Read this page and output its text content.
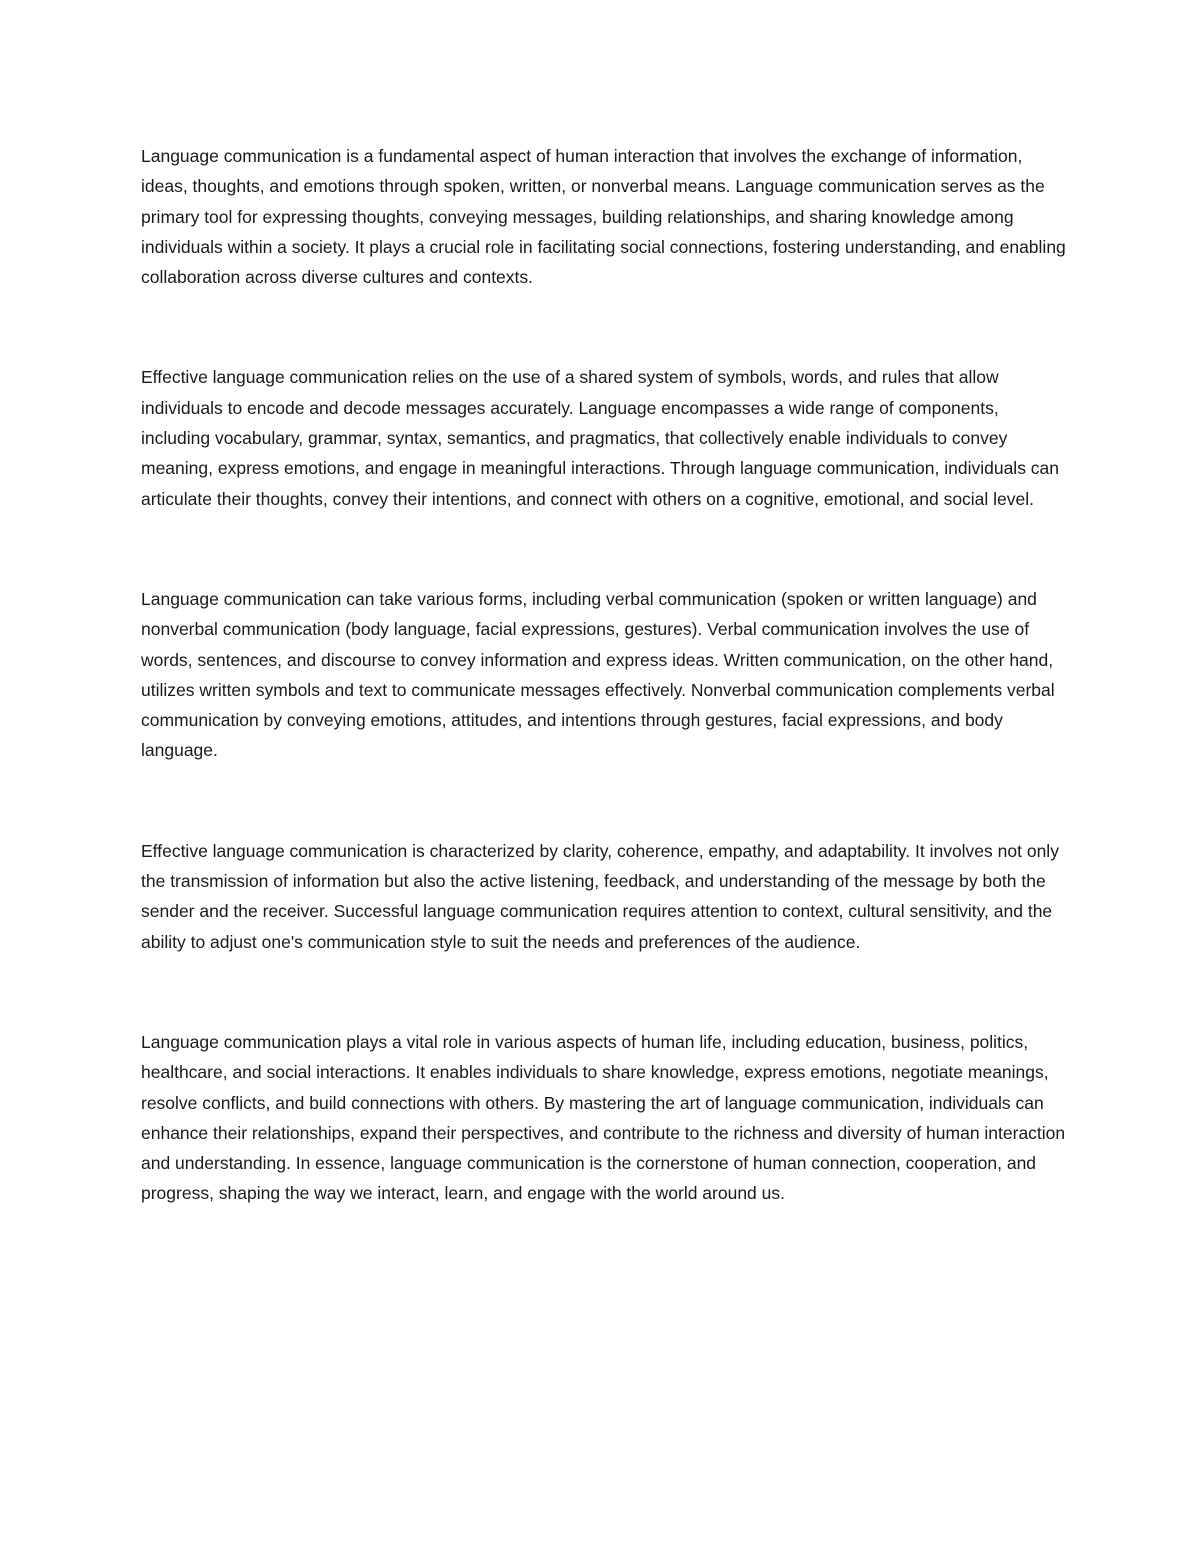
Language communication is a fundamental aspect of human interaction that involves the exchange of information, ideas, thoughts, and emotions through spoken, written, or nonverbal means. Language communication serves as the primary tool for expressing thoughts, conveying messages, building relationships, and sharing knowledge among individuals within a society. It plays a crucial role in facilitating social connections, fostering understanding, and enabling collaboration across diverse cultures and contexts.

Effective language communication relies on the use of a shared system of symbols, words, and rules that allow individuals to encode and decode messages accurately. Language encompasses a wide range of components, including vocabulary, grammar, syntax, semantics, and pragmatics, that collectively enable individuals to convey meaning, express emotions, and engage in meaningful interactions. Through language communication, individuals can articulate their thoughts, convey their intentions, and connect with others on a cognitive, emotional, and social level.

Language communication can take various forms, including verbal communication (spoken or written language) and nonverbal communication (body language, facial expressions, gestures). Verbal communication involves the use of words, sentences, and discourse to convey information and express ideas. Written communication, on the other hand, utilizes written symbols and text to communicate messages effectively. Nonverbal communication complements verbal communication by conveying emotions, attitudes, and intentions through gestures, facial expressions, and body language.

Effective language communication is characterized by clarity, coherence, empathy, and adaptability. It involves not only the transmission of information but also the active listening, feedback, and understanding of the message by both the sender and the receiver. Successful language communication requires attention to context, cultural sensitivity, and the ability to adjust one's communication style to suit the needs and preferences of the audience.

Language communication plays a vital role in various aspects of human life, including education, business, politics, healthcare, and social interactions. It enables individuals to share knowledge, express emotions, negotiate meanings, resolve conflicts, and build connections with others. By mastering the art of language communication, individuals can enhance their relationships, expand their perspectives, and contribute to the richness and diversity of human interaction and understanding. In essence, language communication is the cornerstone of human connection, cooperation, and progress, shaping the way we interact, learn, and engage with the world around us.
